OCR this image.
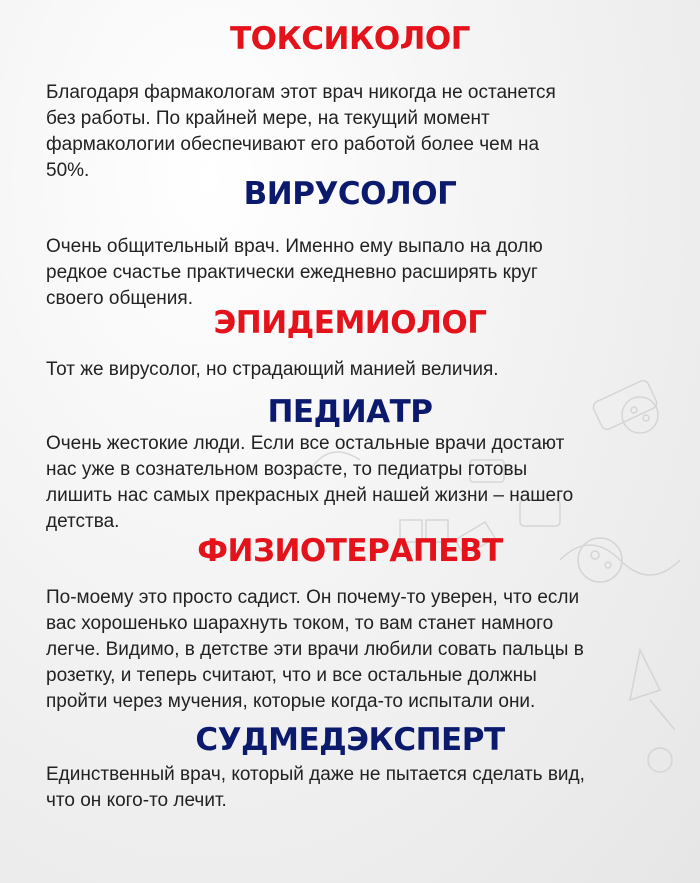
ТОКСИКОЛОГ

Благодаря фармакологам этот врач никогда не останется
без работы. По крайней мере, на текущий момент
фармакологии обеспечивают его работой более чем на
50%.

ВИРУСОЛОГ

Очень общительный врач. Именно ему выпало на долю
редкое счастье практически ежедневно расширять круг
своего общения.

ЭПИДЕМИОЛОГ

Тот же вирусолог, но страдающий манией величия.

ПЕДИАТР

Очень жестокие люди. Если все остальные врачи достают
нас уже в сознательном возрасте, то педиатры готовы
лишить нас самых прекрасных дней нашей жизни – нашего
детства.

ФИЗИОТЕРАПЕВТ

По-моему это просто садист. Он почему-то уверен, что если
вас хорошенько шарахнуть током, то вам станет намного
легче. Видимо, в детстве эти врачи любили совать пальцы в
розетку, и теперь считают, что и все остальные должны
пройти через мучения, которые когда-то испытали они.

СУДМЕДЭКСПЕРТ

Единственный врач, который даже не пытается сделать вид,
что он кого-то лечит.
